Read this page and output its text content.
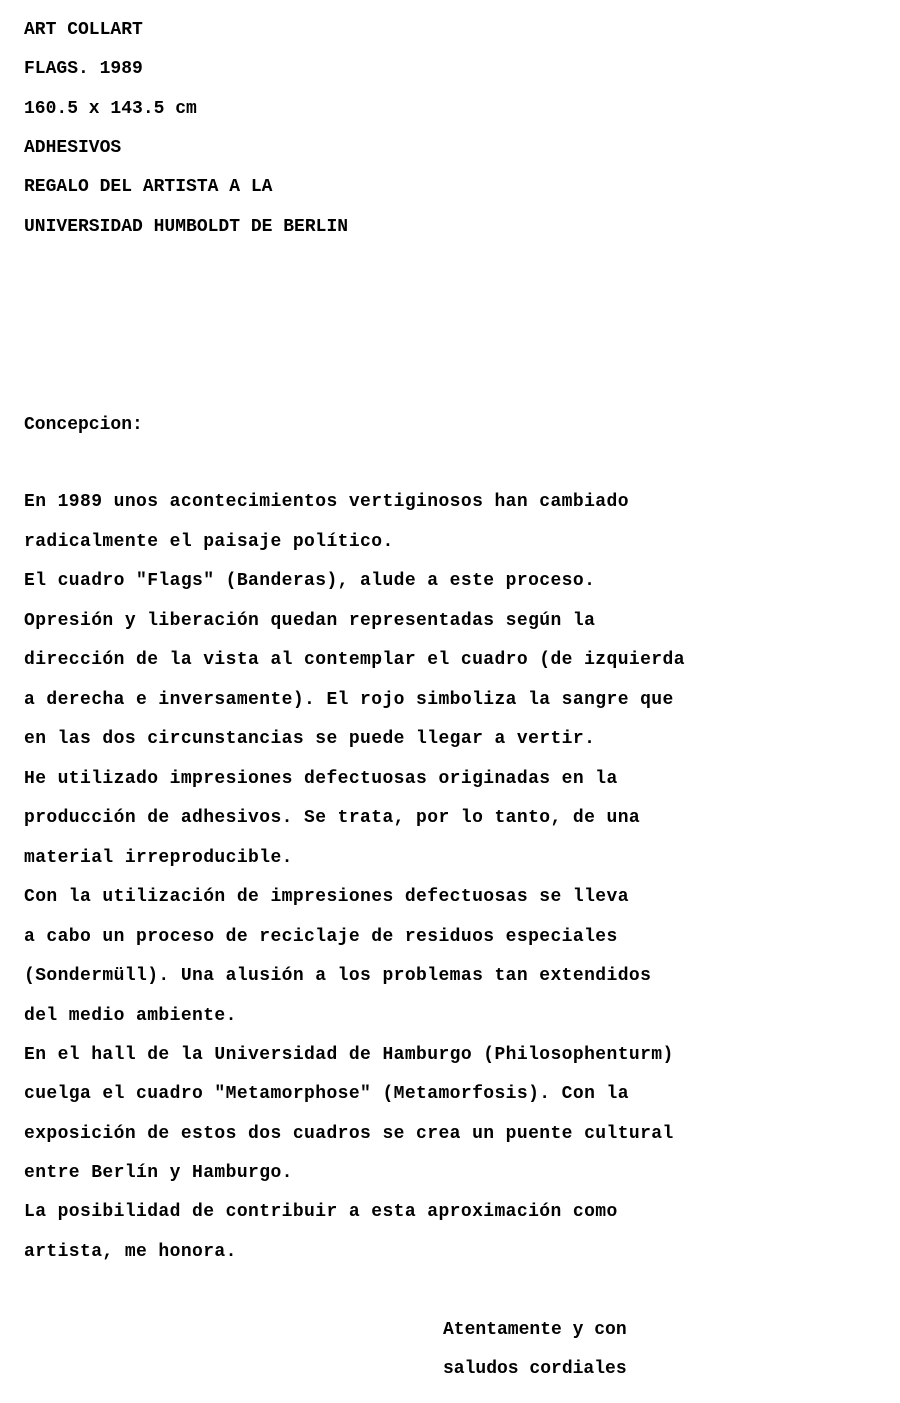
ART COLLART
FLAGS. 1989
160.5 x 143.5 cm
ADHESIVOS
REGALO DEL ARTISTA A LA
UNIVERSIDAD HUMBOLDT DE BERLIN
Concepcion:
En 1989 unos acontecimientos vertiginosos han cambiado
radicalmente el paisaje político.
El cuadro "Flags" (Banderas), alude a este proceso.
Opresión y liberación quedan representadas según la
dirección de la vista al contemplar el cuadro (de izquierda
a derecha e inversamente). El rojo simboliza la sangre que
en las dos circunstancias se puede llegar a vertir.
He utilizado impresiones defectuosas originadas en la
producción de adhesivos. Se trata, por lo tanto, de una
material irreproducible.
Con la utilización de impresiones defectuosas se lleva
a cabo un proceso de reciclaje de residuos especiales
(Sondermüll). Una alusión a los problemas tan extendidos
del medio ambiente.
En el hall de la Universidad de Hamburgo (Philosophenturm)
cuelga el cuadro "Metamorphose" (Metamorfosis). Con la
exposición de estos dos cuadros se crea un puente cultural
entre Berlín y Hamburgo.
La posibilidad de contribuir a esta aproximación como
artista, me honora.
Atentamente y con
saludos cordiales
